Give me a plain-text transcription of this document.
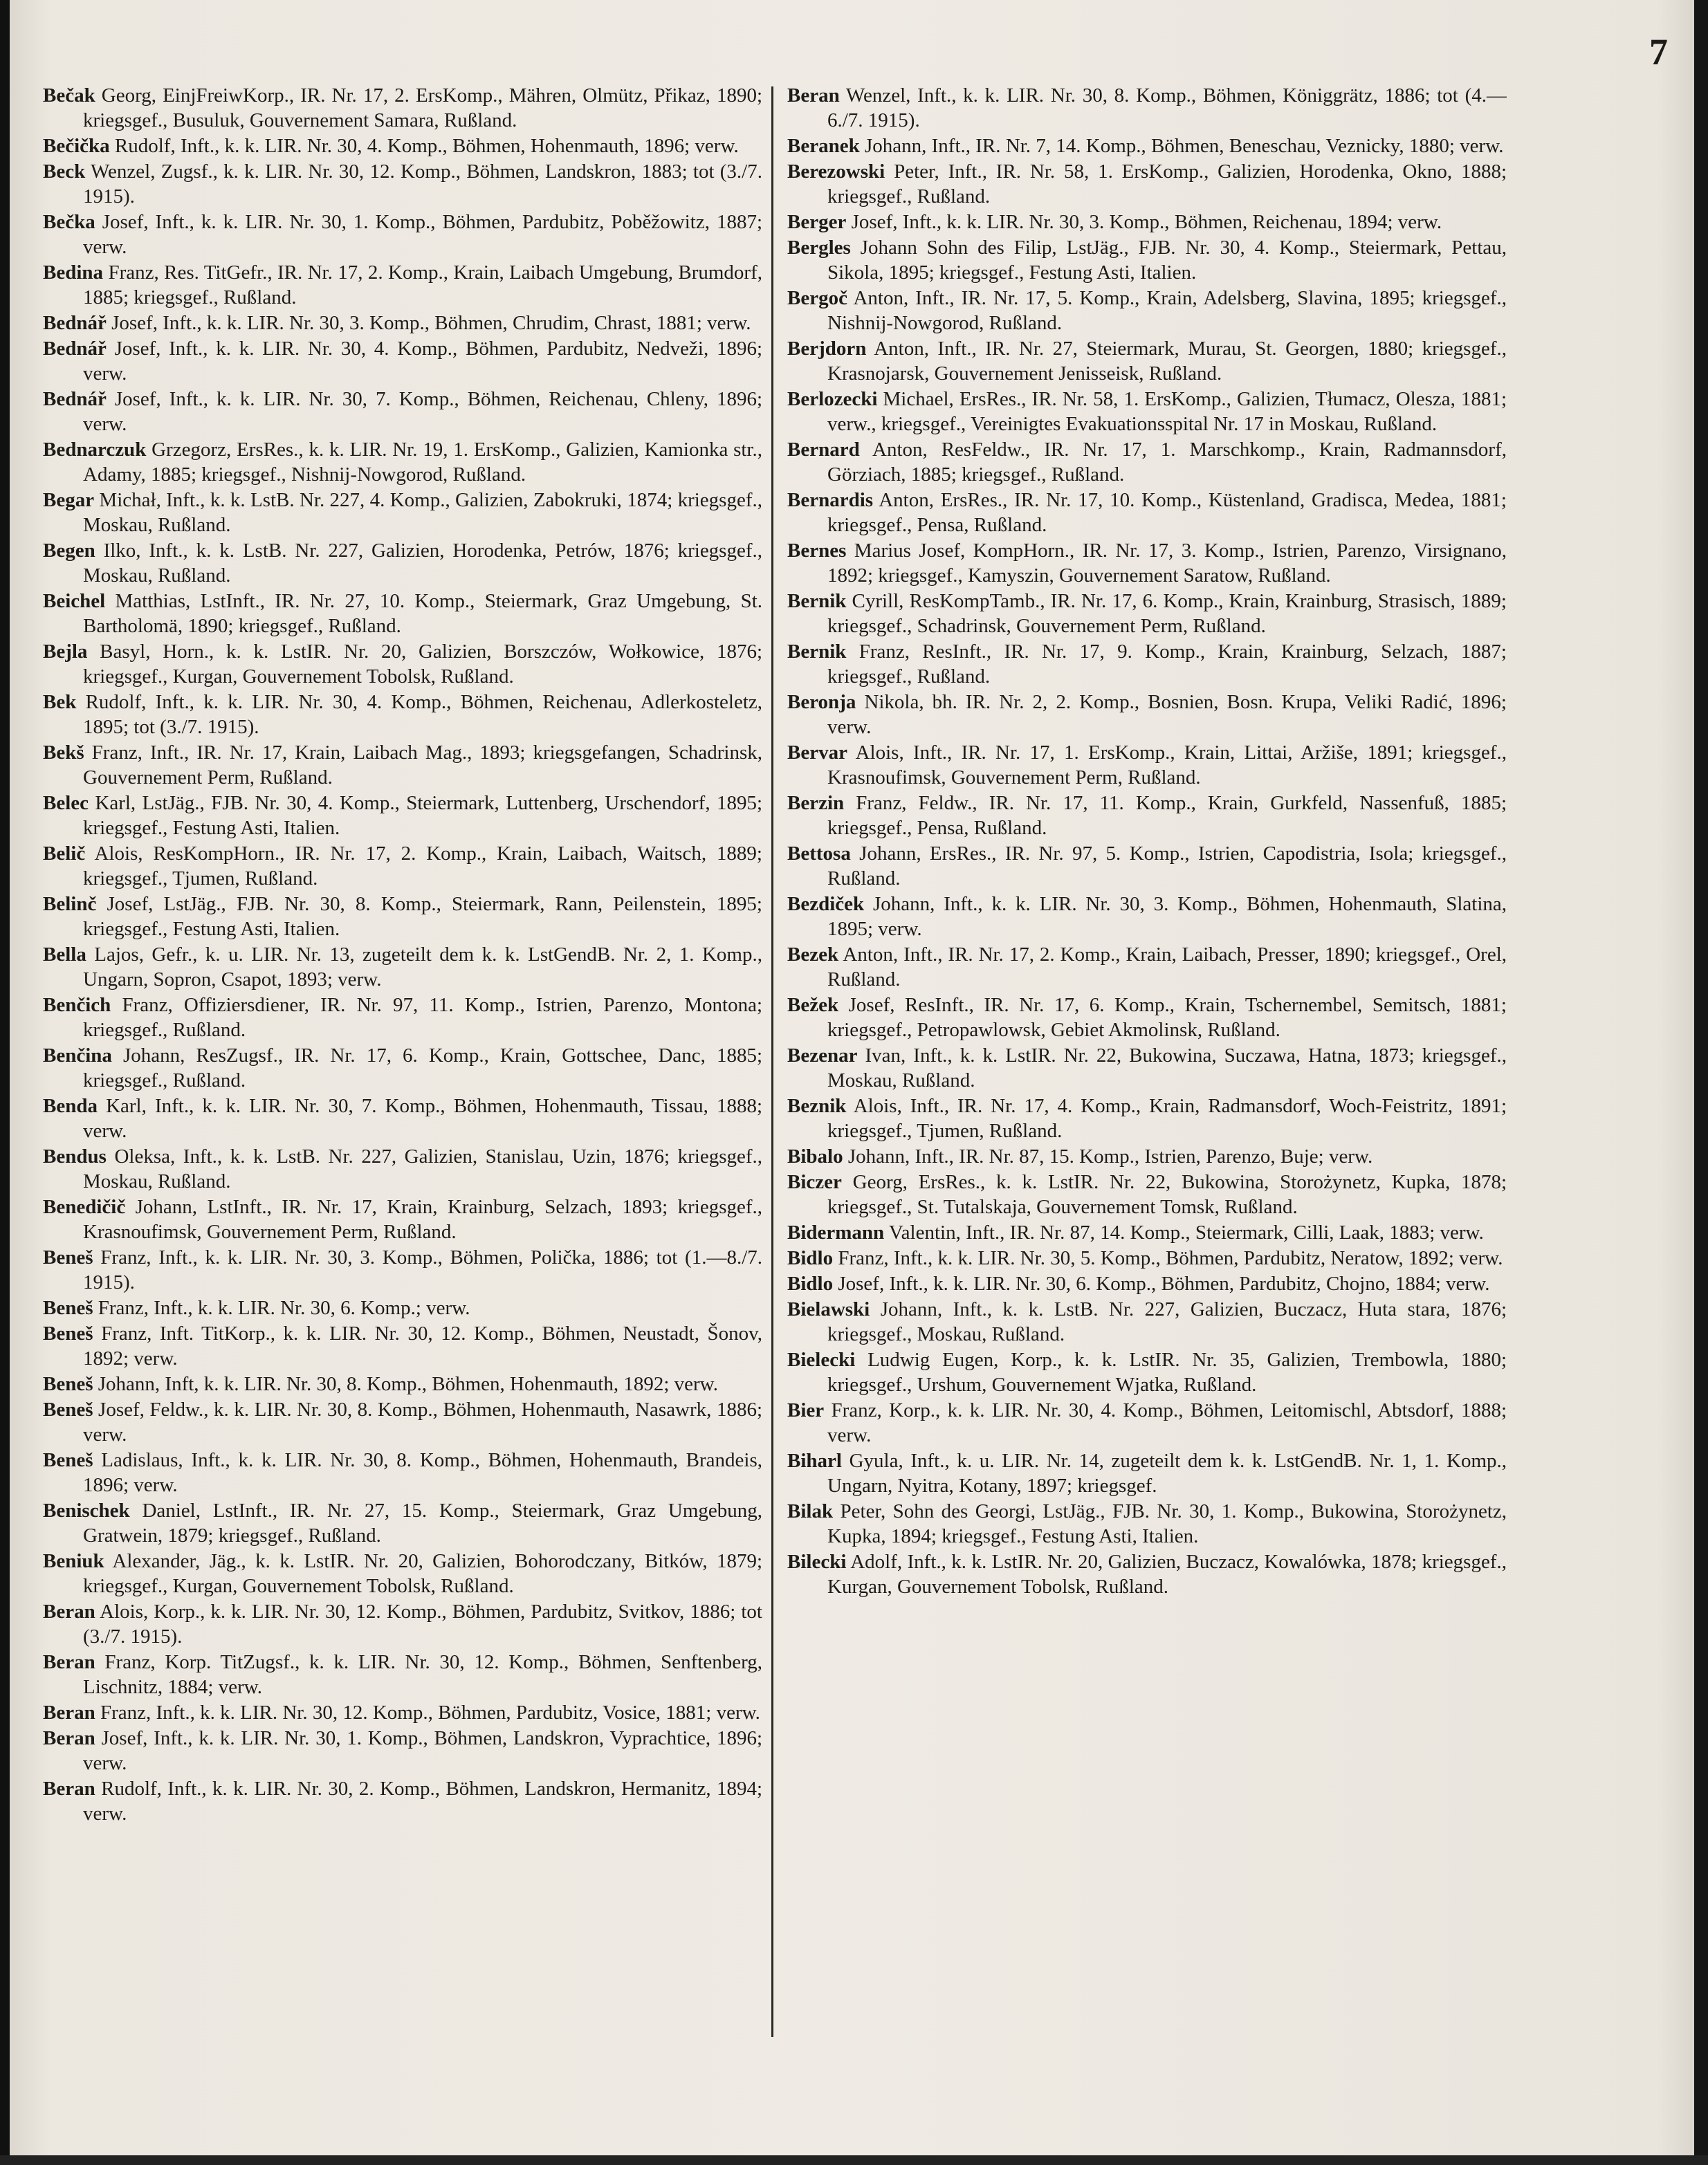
7

Bečak Georg, EinjFreiwKorp., IR. Nr. 17, 2. ErsKomp., Mähren, Olmütz, Přikaz, 1890; kriegsgef., Busuluk, Gouvernement Samara, Rußland.

Bečička Rudolf, Inft., k. k. LIR. Nr. 30, 4. Komp., Böhmen, Hohenmauth, 1896; verw.

Beck Wenzel, Zugsf., k. k. LIR. Nr. 30, 12. Komp., Böhmen, Landskron, 1883; tot (3./7. 1915).

Bečka Josef, Inft., k. k. LIR. Nr. 30, 1. Komp., Böhmen, Pardubitz, Poběžowitz, 1887; verw.

Bedina Franz, Res. TitGefr., IR. Nr. 17, 2. Komp., Krain, Laibach Umgebung, Brumdorf, 1885; kriegsgef., Rußland.

Bednář Josef, Inft., k. k. LIR. Nr. 30, 3. Komp., Böhmen, Chrudim, Chrast, 1881; verw.

Bednář Josef, Inft., k. k. LIR. Nr. 30, 4. Komp., Böhmen, Pardubitz, Nedveži, 1896; verw.

Bednář Josef, Inft., k. k. LIR. Nr. 30, 7. Komp., Böhmen, Reichenau, Chleny, 1896; verw.

Bednarczuk Grzegorz, ErsRes., k. k. LIR. Nr. 19, 1. ErsKomp., Galizien, Kamionka str., Adamy, 1885; kriegsgef., Nishnij-Nowgorod, Rußland.

Begar Michał, Inft., k. k. LstB. Nr. 227, 4. Komp., Galizien, Zabokruki, 1874; kriegsgef., Moskau, Rußland.

Begen Ilko, Inft., k. k. LstB. Nr. 227, Galizien, Horodenka, Petrów, 1876; kriegsgef., Moskau, Rußland.

Beichel Matthias, LstInft., IR. Nr. 27, 10. Komp., Steiermark, Graz Umgebung, St. Bartholomä, 1890; kriegsgef., Rußland.

Bejla Basyl, Horn., k. k. LstIR. Nr. 20, Galizien, Borszczów, Wołkowice, 1876; kriegsgef., Kurgan, Gouvernement Tobolsk, Rußland.

Bek Rudolf, Inft., k. k. LIR. Nr. 30, 4. Komp., Böhmen, Reichenau, Adlerkosteletz, 1895; tot (3./7. 1915).

Bekš Franz, Inft., IR. Nr. 17, Krain, Laibach Mag., 1893; kriegsgefangen, Schadrinsk, Gouvernement Perm, Rußland.

Belec Karl, LstJäg., FJB. Nr. 30, 4. Komp., Steiermark, Luttenberg, Urschendorf, 1895; kriegsgef., Festung Asti, Italien.

Belič Alois, ResKompHorn., IR. Nr. 17, 2. Komp., Krain, Laibach, Waitsch, 1889; kriegsgef., Tjumen, Rußland.

Belinč Josef, LstJäg., FJB. Nr. 30, 8. Komp., Steiermark, Rann, Peilenstein, 1895; kriegsgef., Festung Asti, Italien.

Bella Lajos, Gefr., k. u. LIR. Nr. 13, zugeteilt dem k. k. LstGendB. Nr. 2, 1. Komp., Ungarn, Sopron, Csapot, 1893; verw.

Benčich Franz, Offiziersdiener, IR. Nr. 97, 11. Komp., Istrien, Parenzo, Montona; kriegsgef., Rußland.

Benčina Johann, ResZugsf., IR. Nr. 17, 6. Komp., Krain, Gottschee, Danc, 1885; kriegsgef., Rußland.

Benda Karl, Inft., k. k. LIR. Nr. 30, 7. Komp., Böhmen, Hohenmauth, Tissau, 1888; verw.

Bendus Oleksa, Inft., k. k. LstB. Nr. 227, Galizien, Stanislau, Uzin, 1876; kriegsgef., Moskau, Rußland.

Benedičič Johann, LstInft., IR. Nr. 17, Krain, Krainburg, Selzach, 1893; kriegsgef., Krasnoufimsk, Gouvernement Perm, Rußland.

Beneš Franz, Inft., k. k. LIR. Nr. 30, 3. Komp., Böhmen, Polička, 1886; tot (1.—8./7. 1915).

Beneš Franz, Inft., k. k. LIR. Nr. 30, 6. Komp.; verw.

Beneš Franz, Inft. TitKorp., k. k. LIR. Nr. 30, 12. Komp., Böhmen, Neustadt, Šonov, 1892; verw.

Beneš Johann, Inft, k. k. LIR. Nr. 30, 8. Komp., Böhmen, Hohenmauth, 1892; verw.

Beneš Josef, Feldw., k. k. LIR. Nr. 30, 8. Komp., Böhmen, Hohenmauth, Nasawrk, 1886; verw.

Beneš Ladislaus, Inft., k. k. LIR. Nr. 30, 8. Komp., Böhmen, Hohenmauth, Brandeis, 1896; verw.

Benischek Daniel, LstInft., IR. Nr. 27, 15. Komp., Steiermark, Graz Umgebung, Gratwein, 1879; kriegsgef., Rußland.

Beniuk Alexander, Jäg., k. k. LstIR. Nr. 20, Galizien, Bohorodczany, Bitków, 1879; kriegsgef., Kurgan, Gouvernement Tobolsk, Rußland.

Beran Alois, Korp., k. k. LIR. Nr. 30, 12. Komp., Böhmen, Pardubitz, Svitkov, 1886; tot (3./7. 1915).

Beran Franz, Korp. TitZugsf., k. k. LIR. Nr. 30, 12. Komp., Böhmen, Senftenberg, Lischnitz, 1884; verw.

Beran Franz, Inft., k. k. LIR. Nr. 30, 12. Komp., Böhmen, Pardubitz, Vosice, 1881; verw.

Beran Josef, Inft., k. k. LIR. Nr. 30, 1. Komp., Böhmen, Landskron, Vyprachtice, 1896; verw.

Beran Rudolf, Inft., k. k. LIR. Nr. 30, 2. Komp., Böhmen, Landskron, Hermanitz, 1894; verw.

Beran Wenzel, Inft., k. k. LIR. Nr. 30, 8. Komp., Böhmen, Königgrätz, 1886; tot (4.—6./7. 1915).

Beranek Johann, Inft., IR. Nr. 7, 14. Komp., Böhmen, Beneschau, Veznicky, 1880; verw.

Berezowski Peter, Inft., IR. Nr. 58, 1. ErsKomp., Galizien, Horodenka, Okno, 1888; kriegsgef., Rußland.

Berger Josef, Inft., k. k. LIR. Nr. 30, 3. Komp., Böhmen, Reichenau, 1894; verw.

Bergles Johann Sohn des Filip, LstJäg., FJB. Nr. 30, 4. Komp., Steiermark, Pettau, Sikola, 1895; kriegsgef., Festung Asti, Italien.

Bergoč Anton, Inft., IR. Nr. 17, 5. Komp., Krain, Adelsberg, Slavina, 1895; kriegsgef., Nishnij-Nowgorod, Rußland.

Berjdorn Anton, Inft., IR. Nr. 27, Steiermark, Murau, St. Georgen, 1880; kriegsgef., Krasnojarsk, Gouvernement Jenisseisk, Rußland.

Berlozecki Michael, ErsRes., IR. Nr. 58, 1. ErsKomp., Galizien, Tłumacz, Olesza, 1881; verw., kriegsgef., Vereinigtes Evakuationsspital Nr. 17 in Moskau, Rußland.

Bernard Anton, ResFeldw., IR. Nr. 17, 1. Marschkomp., Krain, Radmannsdorf, Görziach, 1885; kriegsgef., Rußland.

Bernardis Anton, ErsRes., IR. Nr. 17, 10. Komp., Küstenland, Gradisca, Medea, 1881; kriegsgef., Pensa, Rußland.

Bernes Marius Josef, KompHorn., IR. Nr. 17, 3. Komp., Istrien, Parenzo, Virsignano, 1892; kriegsgef., Kamyszin, Gouvernement Saratow, Rußland.

Bernik Cyrill, ResKompTamb., IR. Nr. 17, 6. Komp., Krain, Krainburg, Strasisch, 1889; kriegsgef., Schadrinsk, Gouvernement Perm, Rußland.

Bernik Franz, ResInft., IR. Nr. 17, 9. Komp., Krain, Krainburg, Selzach, 1887; kriegsgef., Rußland.

Beronja Nikola, bh. IR. Nr. 2, 2. Komp., Bosnien, Bosn. Krupa, Veliki Radić, 1896; verw.

Bervar Alois, Inft., IR. Nr. 17, 1. ErsKomp., Krain, Littai, Aržiše, 1891; kriegsgef., Krasnoufimsk, Gouvernement Perm, Rußland.

Berzin Franz, Feldw., IR. Nr. 17, 11. Komp., Krain, Gurkfeld, Nassenfuß, 1885; kriegsgef., Pensa, Rußland.

Bettosa Johann, ErsRes., IR. Nr. 97, 5. Komp., Istrien, Capodistria, Isola; kriegsgef., Rußland.

Bezdiček Johann, Inft., k. k. LIR. Nr. 30, 3. Komp., Böhmen, Hohenmauth, Slatina, 1895; verw.

Bezek Anton, Inft., IR. Nr. 17, 2. Komp., Krain, Laibach, Presser, 1890; kriegsgef., Orel, Rußland.

Bežek Josef, ResInft., IR. Nr. 17, 6. Komp., Krain, Tschernembel, Semitsch, 1881; kriegsgef., Petropawlowsk, Gebiet Akmolinsk, Rußland.

Bezenar Ivan, Inft., k. k. LstIR. Nr. 22, Bukowina, Suczawa, Hatna, 1873; kriegsgef., Moskau, Rußland.

Beznik Alois, Inft., IR. Nr. 17, 4. Komp., Krain, Radmansdorf, Woch-Feistritz, 1891; kriegsgef., Tjumen, Rußland.

Bibalo Johann, Inft., IR. Nr. 87, 15. Komp., Istrien, Parenzo, Buje; verw.

Biczer Georg, ErsRes., k. k. LstIR. Nr. 22, Bukowina, Storożynetz, Kupka, 1878; kriegsgef., St. Tutalskaja, Gouvernement Tomsk, Rußland.

Bidermann Valentin, Inft., IR. Nr. 87, 14. Komp., Steiermark, Cilli, Laak, 1883; verw.

Bidlo Franz, Inft., k. k. LIR. Nr. 30, 5. Komp., Böhmen, Pardubitz, Neratow, 1892; verw.

Bidlo Josef, Inft., k. k. LIR. Nr. 30, 6. Komp., Böhmen, Pardubitz, Chojno, 1884; verw.

Bielawski Johann, Inft., k. k. LstB. Nr. 227, Galizien, Buczacz, Huta stara, 1876; kriegsgef., Moskau, Rußland.

Bielecki Ludwig Eugen, Korp., k. k. LstIR. Nr. 35, Galizien, Trembowla, 1880; kriegsgef., Urshum, Gouvernement Wjatka, Rußland.

Bier Franz, Korp., k. k. LIR. Nr. 30, 4. Komp., Böhmen, Leitomischl, Abtsdorf, 1888; verw.

Biharl Gyula, Inft., k. u. LIR. Nr. 14, zugeteilt dem k. k. LstGendB. Nr. 1, 1. Komp., Ungarn, Nyitra, Kotany, 1897; kriegsgef.

Bilak Peter, Sohn des Georgi, LstJäg., FJB. Nr. 30, 1. Komp., Bukowina, Storożynetz, Kupka, 1894; kriegsgef., Festung Asti, Italien.

Bilecki Adolf, Inft., k. k. LstIR. Nr. 20, Galizien, Buczacz, Kowalówka, 1878; kriegsgef., Kurgan, Gouvernement Tobolsk, Rußland.
